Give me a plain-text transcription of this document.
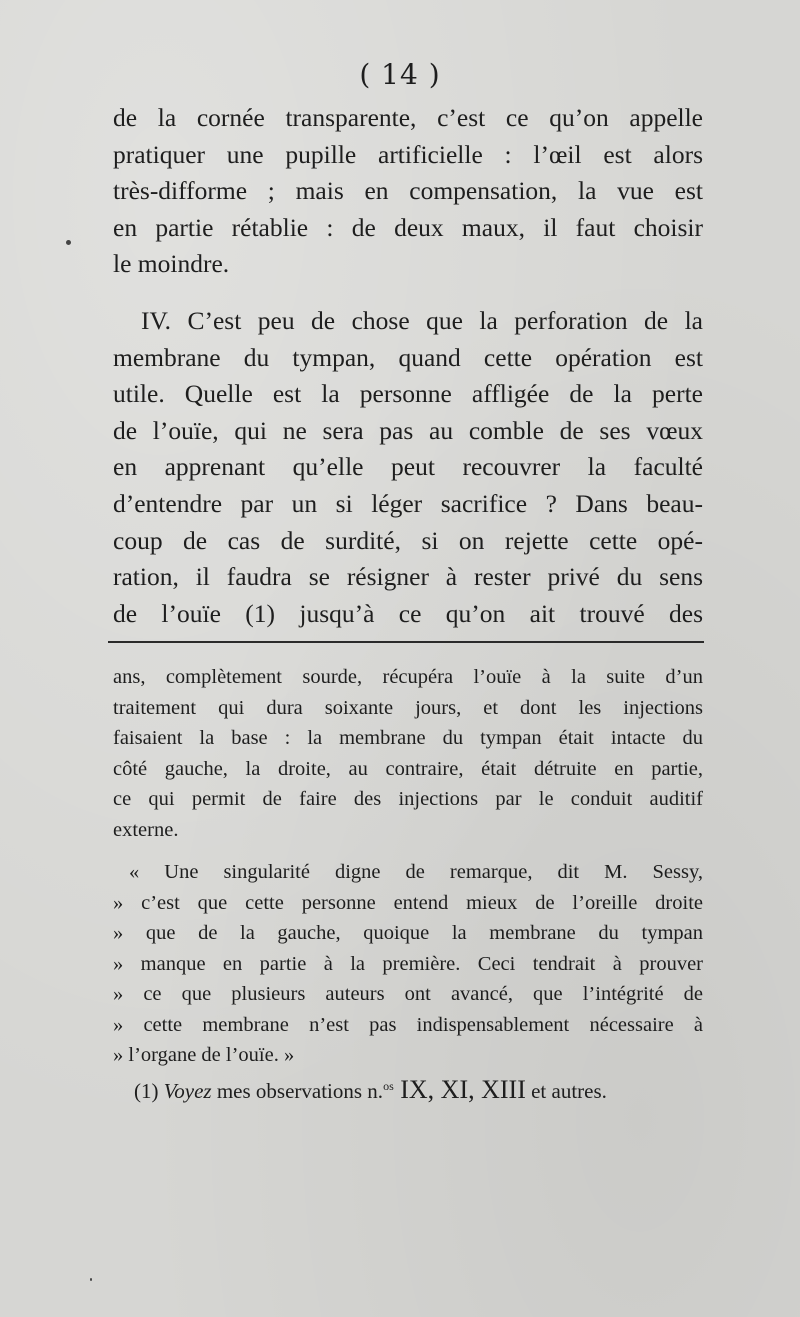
( 14 )
de la cornée transparente, c’est ce qu’on appelle
pratiquer une pupille artificielle : l’œil est alors
très-difforme ; mais en compensation, la vue est
en partie rétablie : de deux maux, il faut choisir
le moindre.
IV. C’est peu de chose que la perforation de la
membrane du tympan, quand cette opération est
utile. Quelle est la personne affligée de la perte
de l’ouïe, qui ne sera pas au comble de ses vœux
en apprenant qu’elle peut recouvrer la faculté
d’entendre par un si léger sacrifice ? Dans beau-
coup de cas de surdité, si on rejette cette opé-
ration, il faudra se résigner à rester privé du sens
de l’ouïe (1) jusqu’à ce qu’on ait trouvé des
ans, complètement sourde, récupéra l’ouïe à la suite d’un
traitement qui dura soixante jours, et dont les injections
faisaient la base : la membrane du tympan était intacte du
côté gauche, la droite, au contraire, était détruite en partie,
ce qui permit de faire des injections par le conduit auditif
externe.
« Une singularité digne de remarque, dit M. Sessy,
» c’est que cette personne entend mieux de l’oreille droite
» que de la gauche, quoique la membrane du tympan
» manque en partie à la première. Ceci tendrait à prouver
» ce que plusieurs auteurs ont avancé, que l’intégrité de
» cette membrane n’est pas indispensablement nécessaire à
» l’organe de l’ouïe. »
(1) Voyez mes observations n.$^{os}$ IX, XI, XIII et autres.
